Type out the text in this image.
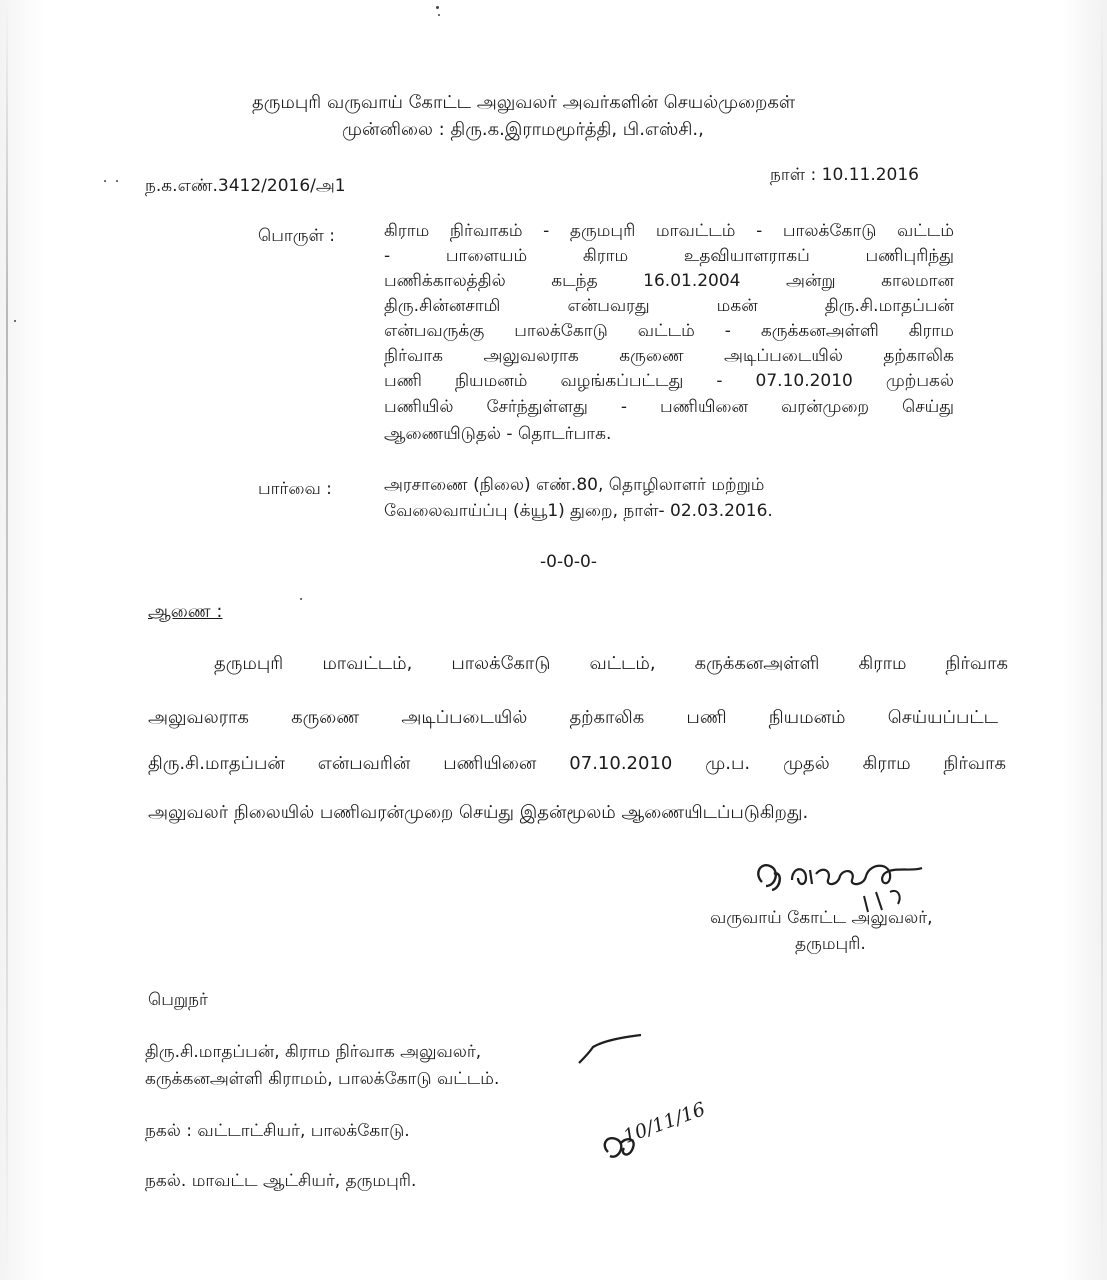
தருமபுரி வருவாய் கோட்ட அலுவலர் அவர்களின் செயல்முறைகள்
முன்னிலை : திரு.க.இராமமூர்த்தி, பி.எஸ்சி.,
ந.க.எண்.3412/2016/அ1
நாள் : 10.11.2016
பொருள் :	கிராம நிர்வாகம் - தருமபுரி மாவட்டம் - பாலக்கோடு வட்டம்
- பாளையம் கிராம உதவியாளராகப் பணிபுரிந்து
பணிக்காலத்தில் கடந்த 16.01.2004 அன்று காலமான
திரு.சின்னசாமி என்பவரது மகன் திரு.சி.மாதப்பன்
என்பவருக்கு பாலக்கோடு வட்டம் - கருக்கனஅள்ளி கிராம
நிர்வாக அலுவலராக கருணை அடிப்படையில் தற்காலிக
பணி நியமனம் வழங்கப்பட்டது - 07.10.2010 முற்பகல்
பணியில் சேர்ந்துள்ளது - பணியினை வரன்முறை செய்து
ஆணையிடுதல் - தொடர்பாக.
பார்வை :	அரசாணை (நிலை) எண்.80, தொழிலாளர் மற்றும்
வேலைவாய்ப்பு (க்யூ1) துறை, நாள்- 02.03.2016.
-0-0-0-
ஆணை :
தருமபுரி மாவட்டம், பாலக்கோடு வட்டம், கருக்கனஅள்ளி கிராம நிர்வாக
அலுவலராக கருணை அடிப்படையில் தற்காலிக பணி நியமனம் செய்யப்பட்ட
திரு.சி.மாதப்பன் என்பவரின் பணியினை 07.10.2010 மு.ப. முதல் கிராம நிர்வாக
அலுவலர் நிலையில் பணிவரன்முறை செய்து இதன்மூலம் ஆணையிடப்படுகிறது.
வருவாய் கோட்ட அலுவலர்,
தருமபுரி.
பெறுநர்
திரு.சி.மாதப்பன், கிராம நிர்வாக அலுவலர்,
கருக்கனஅள்ளி கிராமம், பாலக்கோடு வட்டம்.
நகல் : வட்டாட்சியர், பாலக்கோடு.
நகல். மாவட்ட ஆட்சியர், தருமபுரி.
10/11/16
